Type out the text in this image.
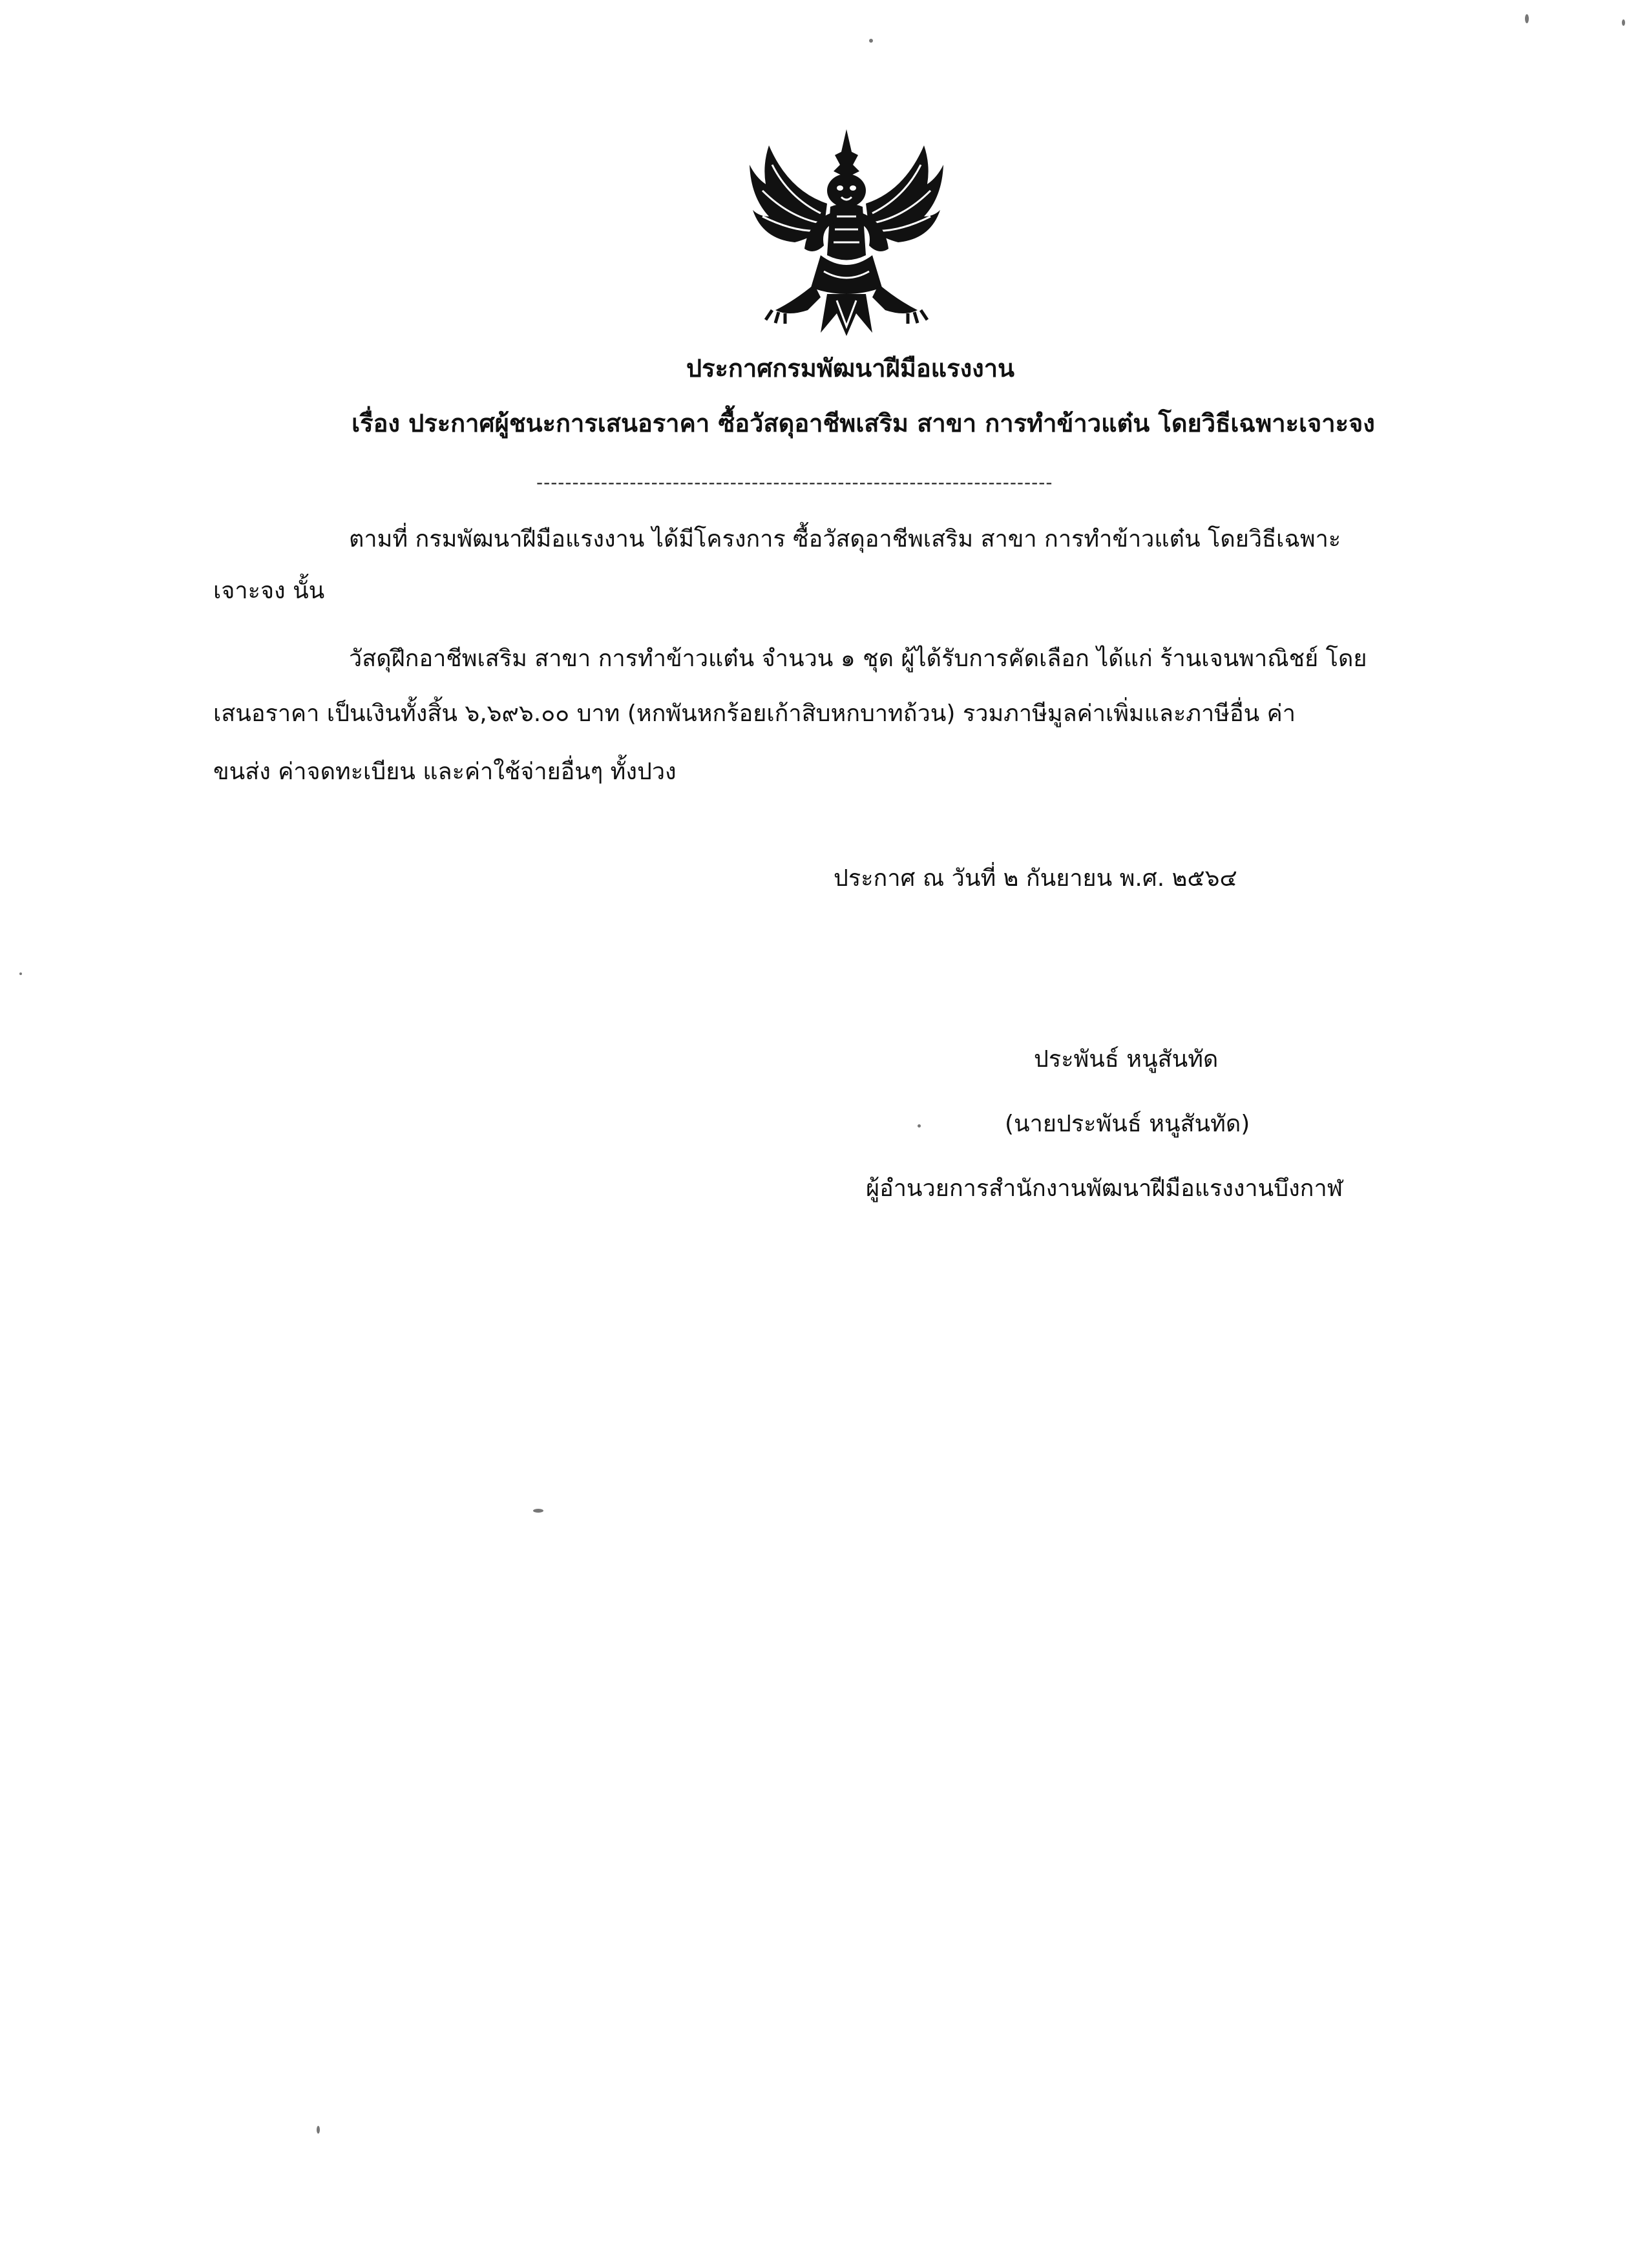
ประกาศกรมพัฒนาฝีมือแรงงาน
เรื่อง ประกาศผู้ชนะการเสนอราคา ซื้อวัสดุอาชีพเสริม สาขา การทำข้าวแต๋น โดยวิธีเฉพาะเจาะจง
------------------------------------------------------------------------
ตามที่ กรมพัฒนาฝีมือแรงงาน ได้มีโครงการ ซื้อวัสดุอาชีพเสริม สาขา การทำข้าวแต๋น โดยวิธีเฉพาะ
เจาะจง นั้น
วัสดุฝึกอาชีพเสริม สาขา การทำข้าวแต๋น จำนวน ๑ ชุด ผู้ได้รับการคัดเลือก ได้แก่ ร้านเจนพาณิชย์ โดย
เสนอราคา เป็นเงินทั้งสิ้น ๖,๖๙๖.๐๐ บาท (หกพันหกร้อยเก้าสิบหกบาทถ้วน) รวมภาษีมูลค่าเพิ่มและภาษีอื่น ค่า
ขนส่ง ค่าจดทะเบียน และค่าใช้จ่ายอื่นๆ ทั้งปวง
ประกาศ ณ วันที่ ๒ กันยายน พ.ศ. ๒๕๖๔
ประพันธ์ หนูสันทัด
(นายประพันธ์ หนูสันทัด)
ผู้อำนวยการสำนักงานพัฒนาฝีมือแรงงานบึงกาฬ
